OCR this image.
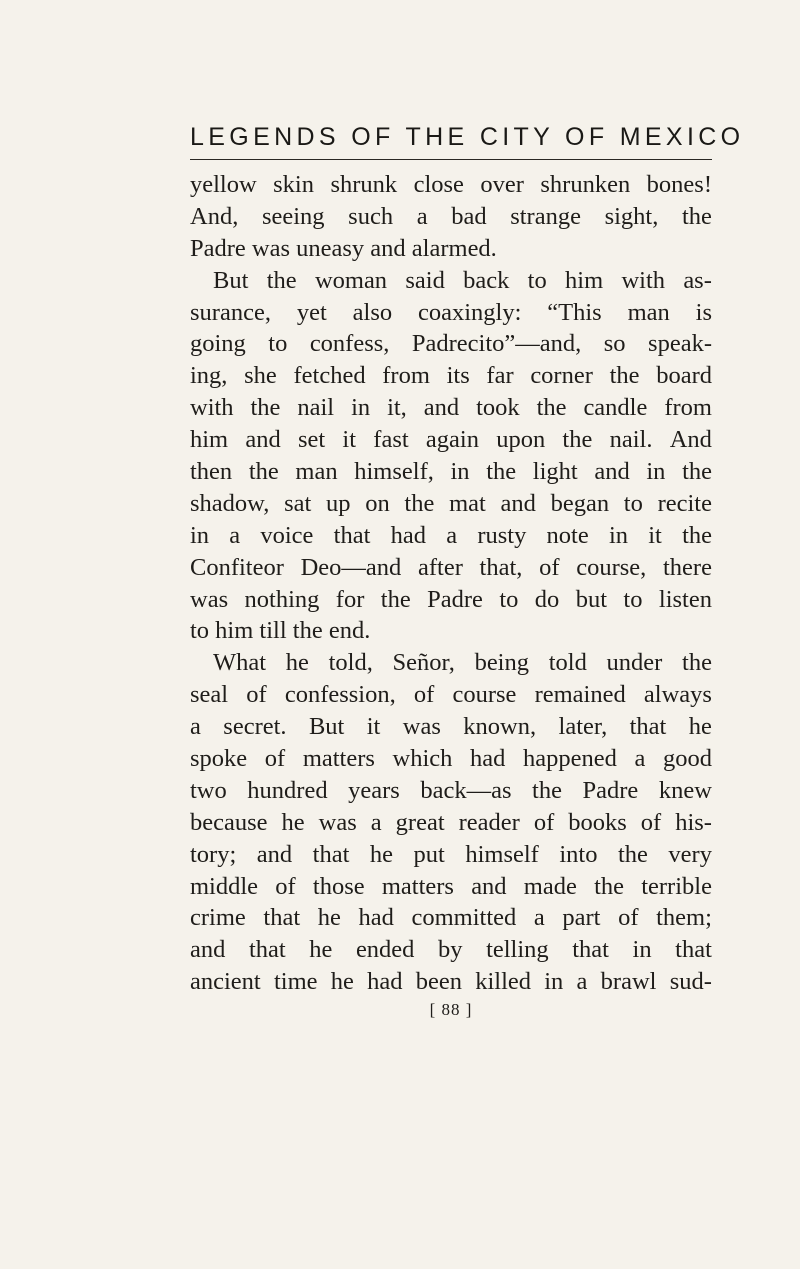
LEGENDS OF THE CITY OF MEXICO
yellow skin shrunk close over shrunken bones!
And, seeing such a bad strange sight, the
Padre was uneasy and alarmed.
But the woman said back to him with as-
surance, yet also coaxingly: “This man is
going to confess, Padrecito”—and, so speak-
ing, she fetched from its far corner the board
with the nail in it, and took the candle from
him and set it fast again upon the nail. And
then the man himself, in the light and in the
shadow, sat up on the mat and began to recite
in a voice that had a rusty note in it the
Confiteor Deo—and after that, of course, there
was nothing for the Padre to do but to listen
to him till the end.
What he told, Señor, being told under the
seal of confession, of course remained always
a secret. But it was known, later, that he
spoke of matters which had happened a good
two hundred years back—as the Padre knew
because he was a great reader of books of his-
tory; and that he put himself into the very
middle of those matters and made the terrible
crime that he had committed a part of them;
and that he ended by telling that in that
ancient time he had been killed in a brawl sud-
[ 88 ]
